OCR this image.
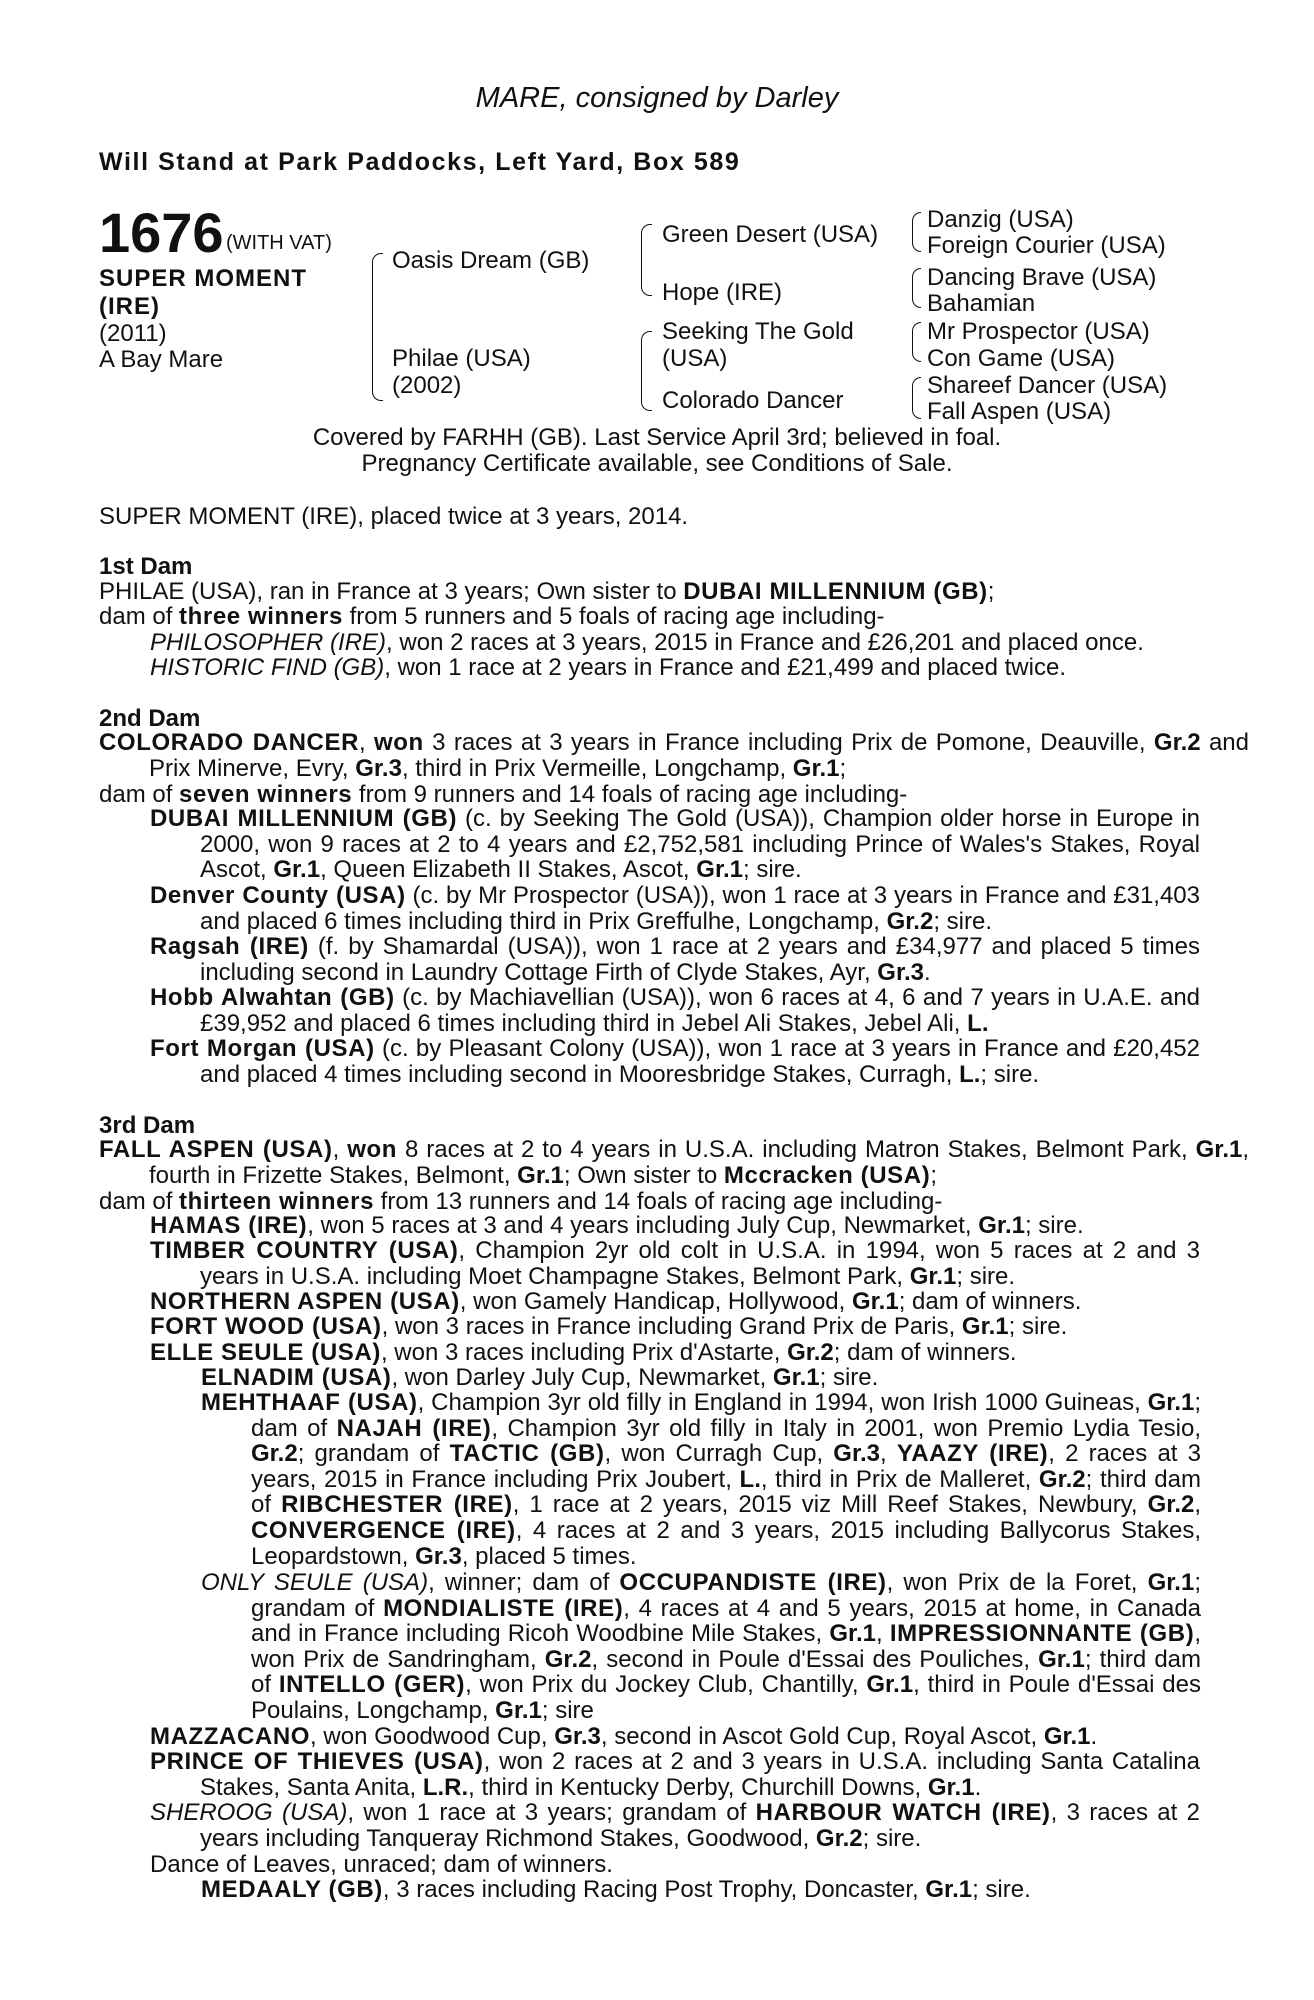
MARE, consigned by Darley
Will Stand at Park Paddocks, Left Yard, Box 589
1676 (WITH VAT)
SUPER MOMENT
(IRE)
(2011)
A Bay Mare
Oasis Dream (GB)
Philae (USA)
(2002)
Green Desert (USA)
Hope (IRE)
Seeking The Gold
(USA)
Colorado Dancer
Danzig (USA)
Foreign Courier (USA)
Dancing Brave (USA)
Bahamian
Mr Prospector (USA)
Con Game (USA)
Shareef Dancer (USA)
Fall Aspen (USA)
Covered by FARHH (GB). Last Service April 3rd; believed in foal.
Pregnancy Certificate available, see Conditions of Sale.
SUPER MOMENT (IRE), placed twice at 3 years, 2014.
1st Dam
PHILAE (USA), ran in France at 3 years; Own sister to DUBAI MILLENNIUM (GB);
dam of three winners from 5 runners and 5 foals of racing age including-
PHILOSOPHER (IRE), won 2 races at 3 years, 2015 in France and £26,201 and placed once.
HISTORIC FIND (GB), won 1 race at 2 years in France and £21,499 and placed twice.
2nd Dam
COLORADO DANCER, won 3 races at 3 years in France including Prix de Pomone, Deauville, Gr.2 and Prix Minerve, Evry, Gr.3, third in Prix Vermeille, Longchamp, Gr.1;
dam of seven winners from 9 runners and 14 foals of racing age including-
DUBAI MILLENNIUM (GB) (c. by Seeking The Gold (USA)), Champion older horse in Europe in 2000, won 9 races at 2 to 4 years and £2,752,581 including Prince of Wales's Stakes, Royal Ascot, Gr.1, Queen Elizabeth II Stakes, Ascot, Gr.1; sire.
Denver County (USA) (c. by Mr Prospector (USA)), won 1 race at 3 years in France and £31,403 and placed 6 times including third in Prix Greffulhe, Longchamp, Gr.2; sire.
Ragsah (IRE) (f. by Shamardal (USA)), won 1 race at 2 years and £34,977 and placed 5 times including second in Laundry Cottage Firth of Clyde Stakes, Ayr, Gr.3.
Hobb Alwahtan (GB) (c. by Machiavellian (USA)), won 6 races at 4, 6 and 7 years in U.A.E. and £39,952 and placed 6 times including third in Jebel Ali Stakes, Jebel Ali, L.
Fort Morgan (USA) (c. by Pleasant Colony (USA)), won 1 race at 3 years in France and £20,452 and placed 4 times including second in Mooresbridge Stakes, Curragh, L.; sire.
3rd Dam
FALL ASPEN (USA), won 8 races at 2 to 4 years in U.S.A. including Matron Stakes, Belmont Park, Gr.1, fourth in Frizette Stakes, Belmont, Gr.1; Own sister to Mccracken (USA);
dam of thirteen winners from 13 runners and 14 foals of racing age including-
HAMAS (IRE), won 5 races at 3 and 4 years including July Cup, Newmarket, Gr.1; sire.
TIMBER COUNTRY (USA), Champion 2yr old colt in U.S.A. in 1994, won 5 races at 2 and 3 years in U.S.A. including Moet Champagne Stakes, Belmont Park, Gr.1; sire.
NORTHERN ASPEN (USA), won Gamely Handicap, Hollywood, Gr.1; dam of winners.
FORT WOOD (USA), won 3 races in France including Grand Prix de Paris, Gr.1; sire.
ELLE SEULE (USA), won 3 races including Prix d'Astarte, Gr.2; dam of winners.
ELNADIM (USA), won Darley July Cup, Newmarket, Gr.1; sire.
MEHTHAAF (USA), Champion 3yr old filly in England in 1994, won Irish 1000 Guineas, Gr.1; dam of NAJAH (IRE), Champion 3yr old filly in Italy in 2001, won Premio Lydia Tesio, Gr.2; grandam of TACTIC (GB), won Curragh Cup, Gr.3, YAAZY (IRE), 2 races at 3 years, 2015 in France including Prix Joubert, L., third in Prix de Malleret, Gr.2; third dam of RIBCHESTER (IRE), 1 race at 2 years, 2015 viz Mill Reef Stakes, Newbury, Gr.2, CONVERGENCE (IRE), 4 races at 2 and 3 years, 2015 including Ballycorus Stakes, Leopardstown, Gr.3, placed 5 times.
ONLY SEULE (USA), winner; dam of OCCUPANDISTE (IRE), won Prix de la Foret, Gr.1; grandam of MONDIALISTE (IRE), 4 races at 4 and 5 years, 2015 at home, in Canada and in France including Ricoh Woodbine Mile Stakes, Gr.1, IMPRESSIONNANTE (GB), won Prix de Sandringham, Gr.2, second in Poule d'Essai des Pouliches, Gr.1; third dam of INTELLO (GER), won Prix du Jockey Club, Chantilly, Gr.1, third in Poule d'Essai des Poulains, Longchamp, Gr.1; sire
MAZZACANO, won Goodwood Cup, Gr.3, second in Ascot Gold Cup, Royal Ascot, Gr.1.
PRINCE OF THIEVES (USA), won 2 races at 2 and 3 years in U.S.A. including Santa Catalina Stakes, Santa Anita, L.R., third in Kentucky Derby, Churchill Downs, Gr.1.
SHEROOG (USA), won 1 race at 3 years; grandam of HARBOUR WATCH (IRE), 3 races at 2 years including Tanqueray Richmond Stakes, Goodwood, Gr.2; sire.
Dance of Leaves, unraced; dam of winners.
MEDAALY (GB), 3 races including Racing Post Trophy, Doncaster, Gr.1; sire.
